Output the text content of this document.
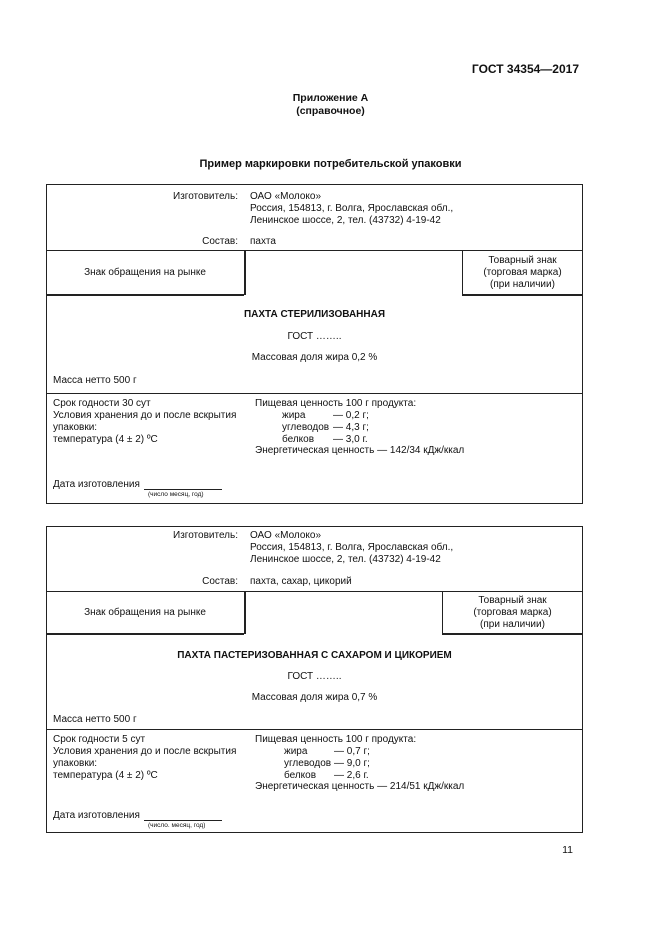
ГОСТ 34354—2017
Приложение А
(справочное)
Пример маркировки потребительской упаковки
Изготовитель: ОАО «Молоко»
Россия, 154813, г. Волга, Ярославская обл.,
Ленинское шоссе, 2, тел. (43732) 4-19-42
Состав: пахта
Знак обращения на рынке
Товарный знак
(торговая марка)
(при наличии)
ПАХТА СТЕРИЛИЗОВАННАЯ
ГОСТ ……..
Массовая доля жира 0,2 %
Масса нетто 500 г
Срок годности 30 сут
Условия хранения до и после вскрытия
упаковки:
температура (4 ± 2) ºС
Пищевая ценность 100 г продукта:
жира	— 0,2 г;
углеводов — 4,3 г;
белков — 3,0 г.
Энергетическая ценность — 142/34 кДж/ккал
Дата изготовления
(число месяц, год)
Изготовитель: ОАО «Молоко»
Россия, 154813, г. Волга, Ярославская обл.,
Ленинское шоссе, 2, тел. (43732) 4-19-42
Состав: пахта, сахар, цикорий
Знак обращения на рынке
Товарный знак
(торговая марка)
(при наличии)
ПАХТА ПАСТЕРИЗОВАННАЯ С САХАРОМ И ЦИКОРИЕМ
ГОСТ ……..
Массовая доля жира 0,7 %
Масса нетто 500 г
Срок годности 5 сут
Условия хранения до и после вскрытия
упаковки:
температура (4 ± 2) ºС
Пищевая ценность 100 г продукта:
жира	— 0,7 г;
углеводов — 9,0 г;
белков — 2,6 г.
Энергетическая ценность — 214/51 кДж/ккал
Дата изготовления
(число. месяц, год)
11
